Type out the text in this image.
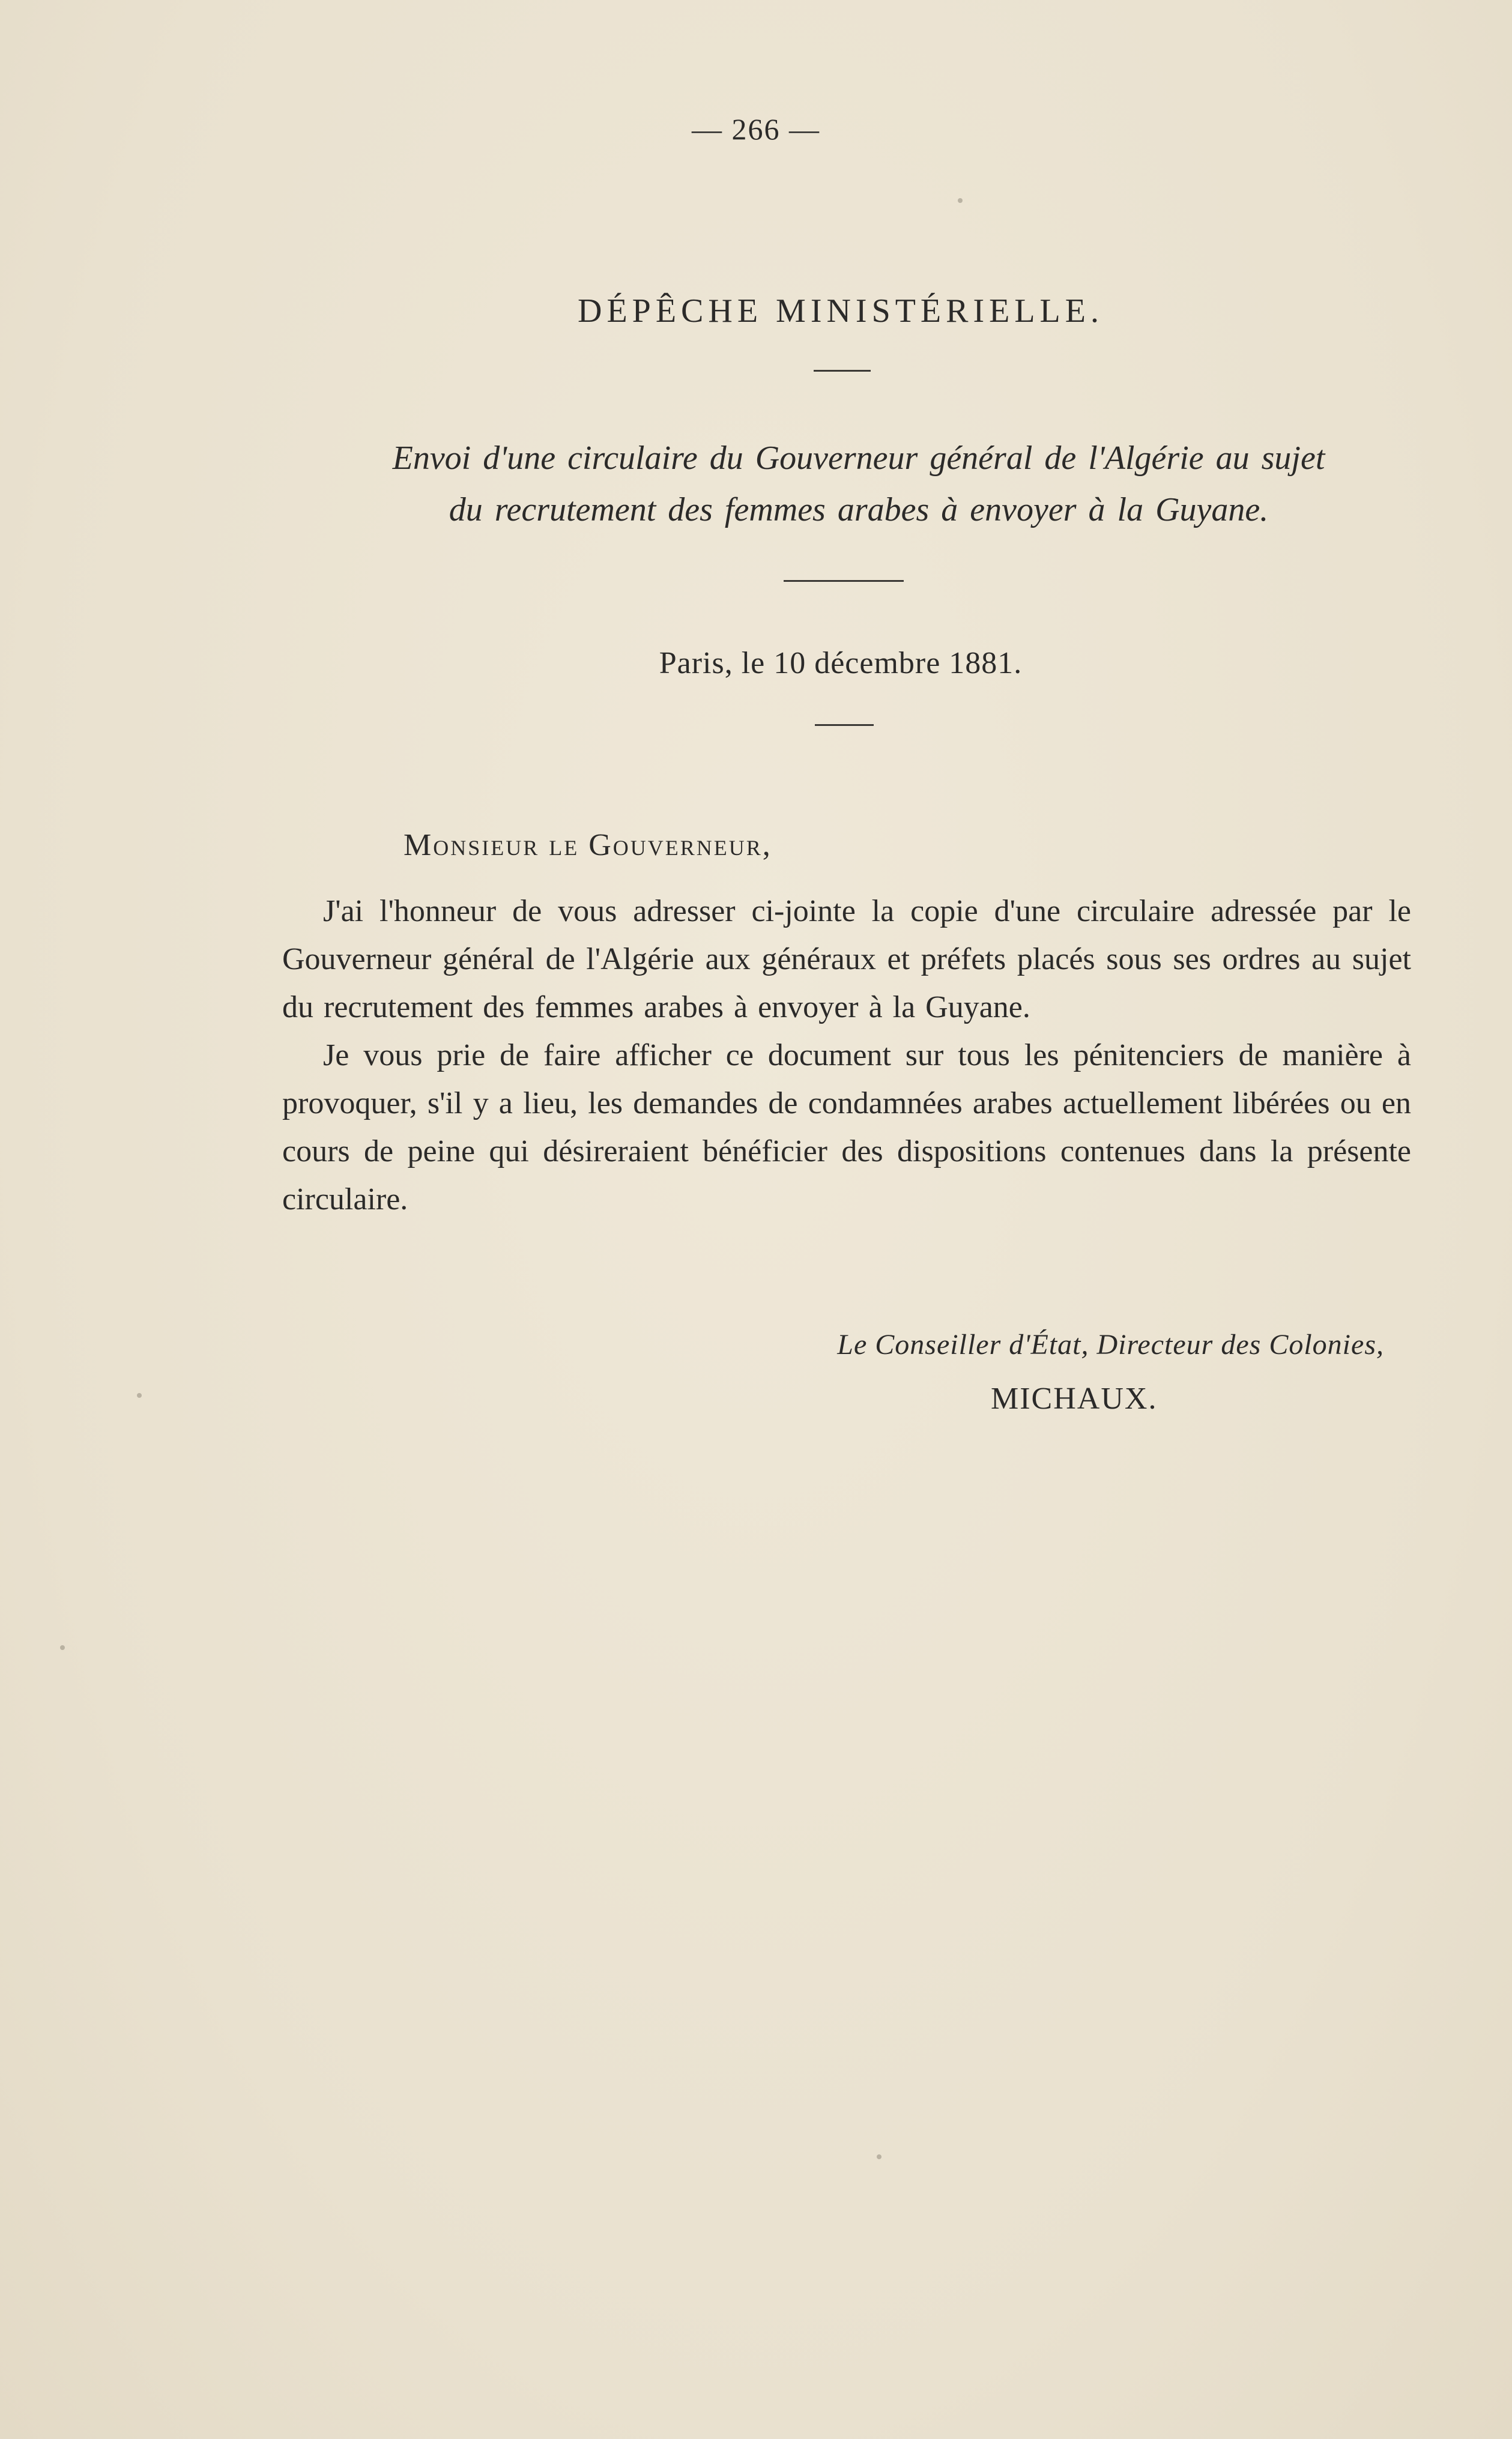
— 266 —
DÉPÊCHE MINISTÉRIELLE.
Envoi d'une circulaire du Gouverneur général de l'Algérie au sujet
du recrutement des femmes arabes à envoyer à la Guyane.
Paris, le 10 décembre 1881.
Monsieur le Gouverneur,

J'ai l'honneur de vous adresser ci-jointe la copie d'une circulaire adressée par le Gouverneur général de l'Algérie aux généraux et préfets placés sous ses ordres au sujet du recrutement des femmes arabes à envoyer à la Guyane.

Je vous prie de faire afficher ce document sur tous les pénitenciers de manière à provoquer, s'il y a lieu, les demandes de condamnées arabes actuellement libérées ou en cours de peine qui désireraient bénéficier des dispositions contenues dans la présente circulaire.

Le Conseiller d'État, Directeur des Colonies,
MICHAUX.
